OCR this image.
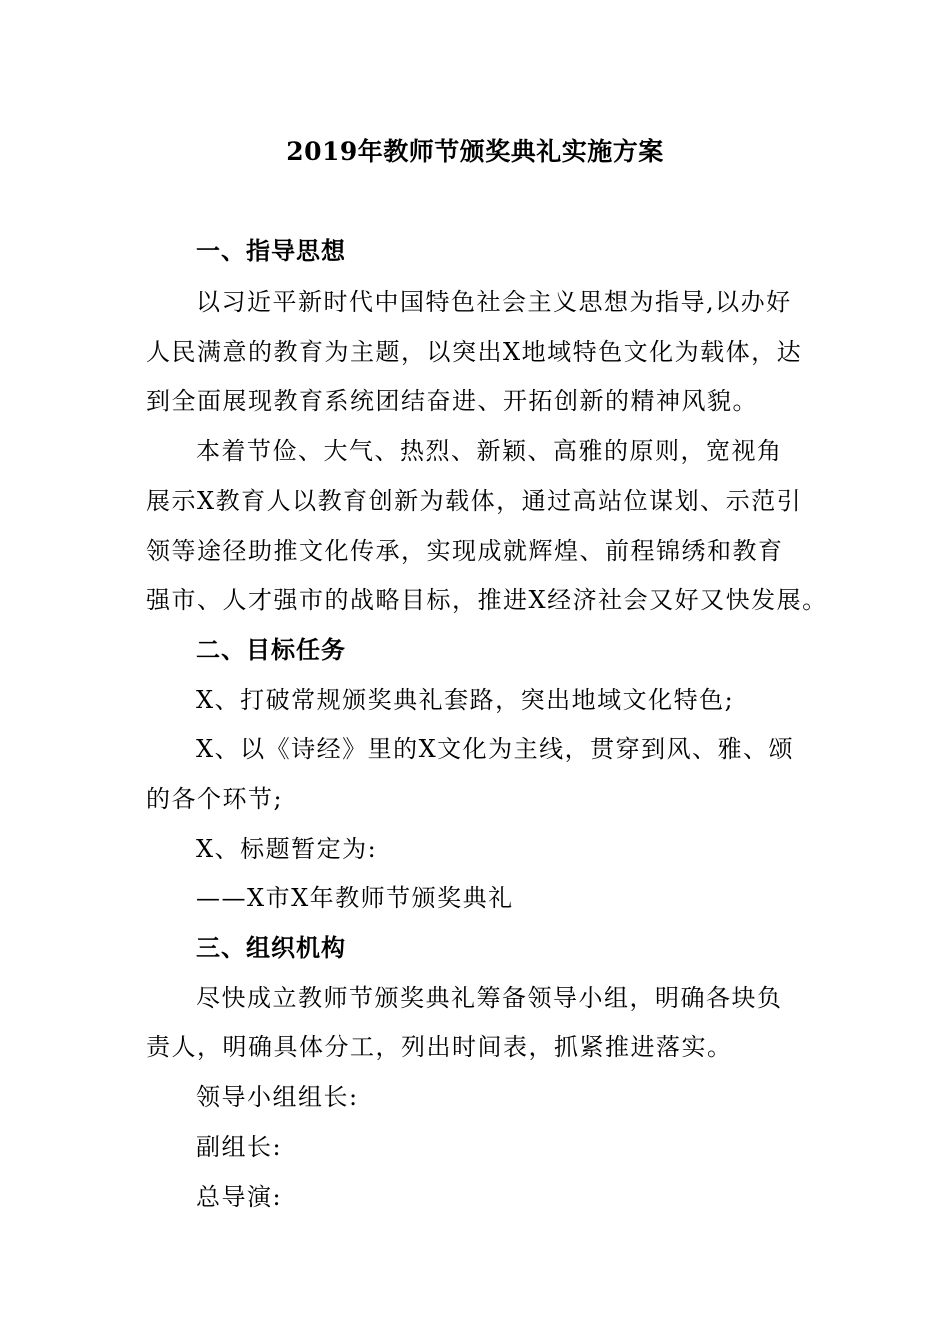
2019年教师节颁奖典礼实施方案
一、指导思想
以习近平新时代中国特色社会主义思想为指导,以办好
人民满意的教育为主题，以突出X地域特色文化为载体，达
到全面展现教育系统团结奋进、开拓创新的精神风貌。
本着节俭、大气、热烈、新颖、高雅的原则，宽视角
展示X教育人以教育创新为载体，通过高站位谋划、示范引
领等途径助推文化传承，实现成就辉煌、前程锦绣和教育
强市、人才强市的战略目标，推进X经济社会又好又快发展。
二、目标任务
X、打破常规颁奖典礼套路，突出地域文化特色;
X、以《诗经》里的X文化为主线，贯穿到风、雅、颂
的各个环节;
X、标题暂定为:
——X市X年教师节颁奖典礼
三、组织机构
尽快成立教师节颁奖典礼筹备领导小组，明确各块负
责人，明确具体分工，列出时间表，抓紧推进落实。
领导小组组长:
副组长:
总导演:
